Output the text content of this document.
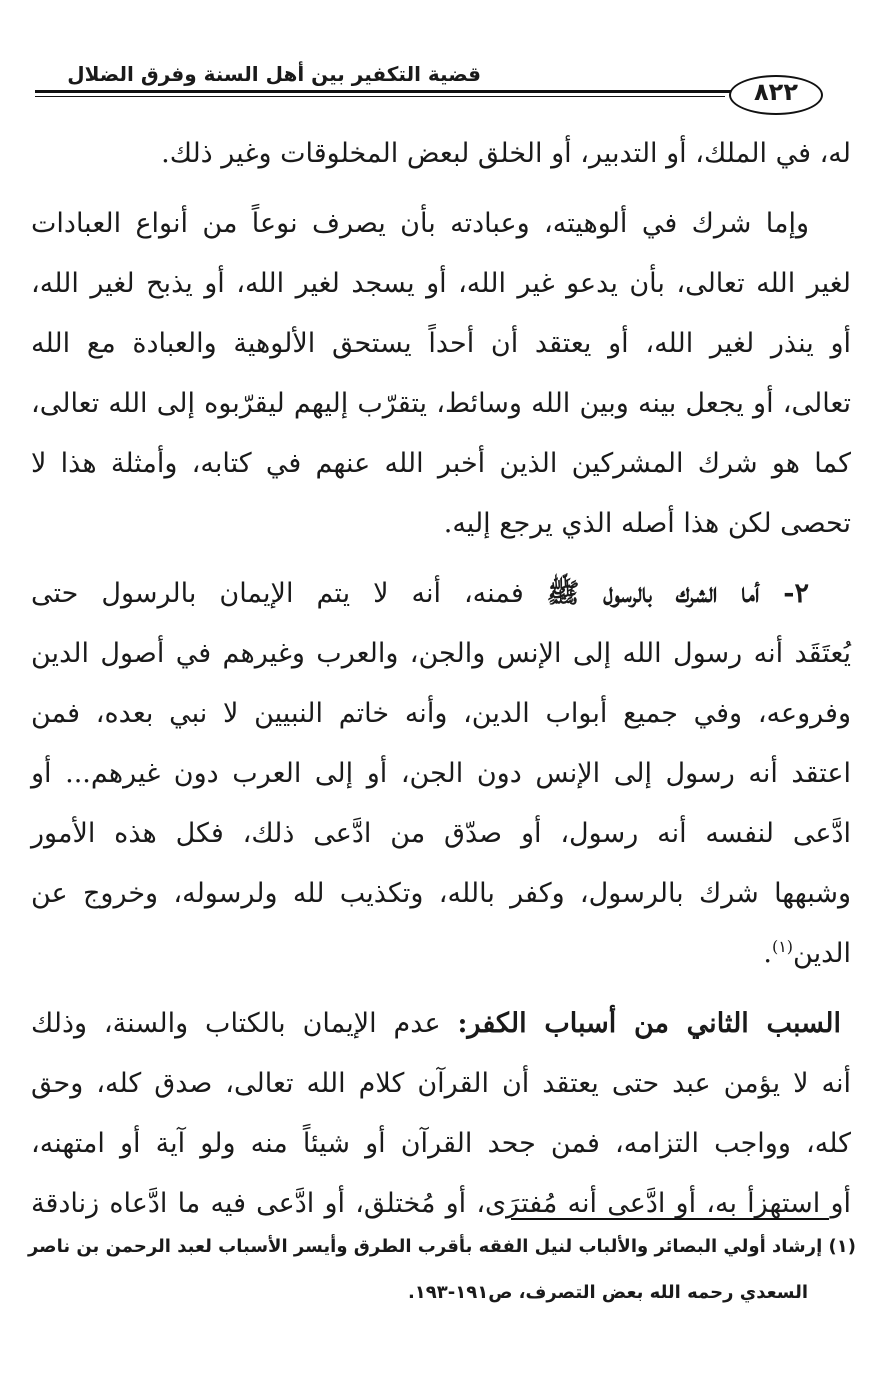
قضية التكفير بين أهل السنة وفرق الضلال
٨٢٢
له، في الملك، أو التدبير، أو الخلق لبعض المخلوقات وغير ذلك.
وإما شرك في ألوهيته، وعبادته بأن يصرف نوعاً من أنواع العبادات
لغير الله تعالى، بأن يدعو غير الله، أو يسجد لغير الله، أو يذبح لغير الله،
أو ينذر لغير الله، أو يعتقد أن أحداً يستحق الألوهية والعبادة مع الله
تعالى، أو يجعل بينه وبين الله وسائط، يتقرّب إليهم ليقرّبوه إلى الله تعالى،
كما هو شرك المشركين الذين أخبر الله عنهم في كتابه، وأمثلة هذا لا
تحصى لكن هذا أصله الذي يرجع إليه.
٢- أما الشرك بالرسول ﷺ فمنه، أنه لا يتم الإيمان بالرسول حتى
يُعتَقَد أنه رسول الله إلى الإنس والجن، والعرب وغيرهم في أصول الدين
وفروعه، وفي جميع أبواب الدين، وأنه خاتم النبيين لا نبي بعده، فمن
اعتقد أنه رسول إلى الإنس دون الجن، أو إلى العرب دون غيرهم... أو
ادَّعى لنفسه أنه رسول، أو صدّق من ادَّعى ذلك، فكل هذه الأمور
وشبهها شرك بالرسول، وكفر بالله، وتكذيب لله ولرسوله، وخروج عن
الدين$^{(١)}$.
السبب الثاني من أسباب الكفر: عدم الإيمان بالكتاب والسنة، وذلك
أنه لا يؤمن عبد حتى يعتقد أن القرآن كلام الله تعالى، صدق كله، وحق
كله، وواجب التزامه، فمن جحد القرآن أو شيئاً منه ولو آية أو امتهنه،
أو استهزأ به، أو ادَّعى أنه مُفترَى، أو مُختلق، أو ادَّعى فيه ما ادَّعاه زنادقة
(١) إرشاد أولي البصائر والألباب لنيل الفقه بأقرب الطرق وأيسر الأسباب لعبد الرحمن بن ناصر
السعدي رحمه الله بعض التصرف، ص١٩١-١٩٣.
